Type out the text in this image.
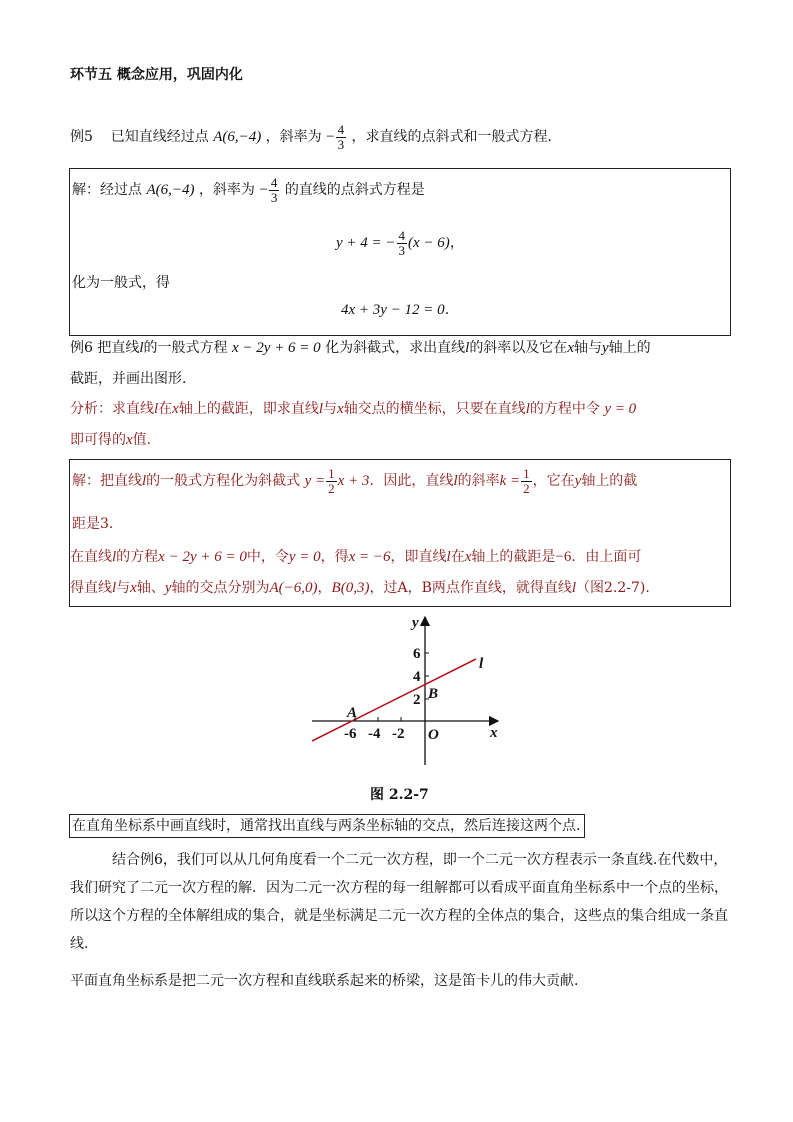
环节五 概念应用，巩固内化
例5 已知直线经过点 A(6,−4) ，斜率为 − $\frac{4}{3}$ ，求直线的点斜式和一般式方程.
解：经过点 A(6,−4) ，斜率为 − $\frac{4}{3}$ 的直线的点斜式方程是
y + 4 = − $\frac{4}{3} (x - 6)$，
化为一般式，得
4x + 3y − 12 = 0.
例6 把直线l的一般式方程 x − 2y + 6 = 0 化为斜截式，求出直线l的斜率以及它在x轴与y轴上的
截距，并画出图形.
分析：求直线l在x轴上的截距，即求直线l与x轴交点的横坐标，只要在直线l的方程中令 y = 0
即可得的x值.
解：把直线l的一般式方程化为斜截式 $y = \frac{1}{2}$ x + 3．因此，直线l的斜率$k = \frac{1}{2}$ ，它在y轴上的截
距是3．
在直线l的方程x − 2y + 6 = 0中，令y = 0，得x = −6，即直线l在x轴上的截距是−6．由上面可
得直线l与x轴、y轴的交点分别为A(−6,0)，B(0,3)，过A，B两点作直线，就得直线l（图2.2-7).
y
x
O
A
B
l
-6 -4 -2
6
4
2
图 2.2-7
在直角坐标系中画直线时，通常找出直线与两条坐标轴的交点，然后连接这两个点.
结合例6，我们可以从几何角度看一个二元一次方程，即一个二元一次方程表示一条直线.在代数中，我们研究了二元一次方程的解．因为二元一次方程的每一组解都可以看成平面直角坐标系中一个点的坐标，所以这个方程的全体解组成的集合，就是坐标满足二元一次方程的全体点的集合，这些点的集合组成一条直线.
平面直角坐标系是把二元一次方程和直线联系起来的桥梁，这是笛卡儿的伟大贡献.
